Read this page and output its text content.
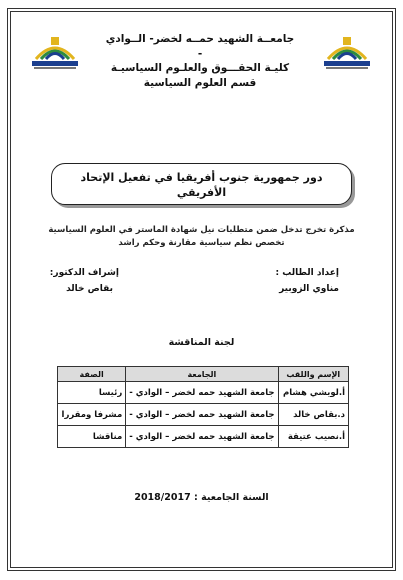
جامعــة الشهيد حمــه لخضر- الــوادي -
كليـة الحقـــوق والعلـوم السياسيـة
قسم العلوم السياسية
دور جمهورية جنوب أفريقيا في تفعيل الإتحاد
الأفريقي
مذكرة تخرج تدخل ضمن متطلبات نيل شهادة الماستر في العلوم السياسية
تخصص نظم سياسية مقارنة وحكم راشد
إعداد الطالب :
مناوي الزوبير
إشراف الدكتور:
بقاص خالد
لجنة المناقشة
الإسم واللقب	الجامعة	الصفة
أ.لويشي هشام	جامعة الشهيد حمه لخضر – الوادي -	رئيسا
د.بقاص خالد	جامعة الشهيد حمه لخضر – الوادي -	مشرفا ومقررا
أ.نصيب عتيقة	جامعة الشهيد حمه لخضر – الوادي -	مناقشا
السنة الجامعية : 2018/2017
